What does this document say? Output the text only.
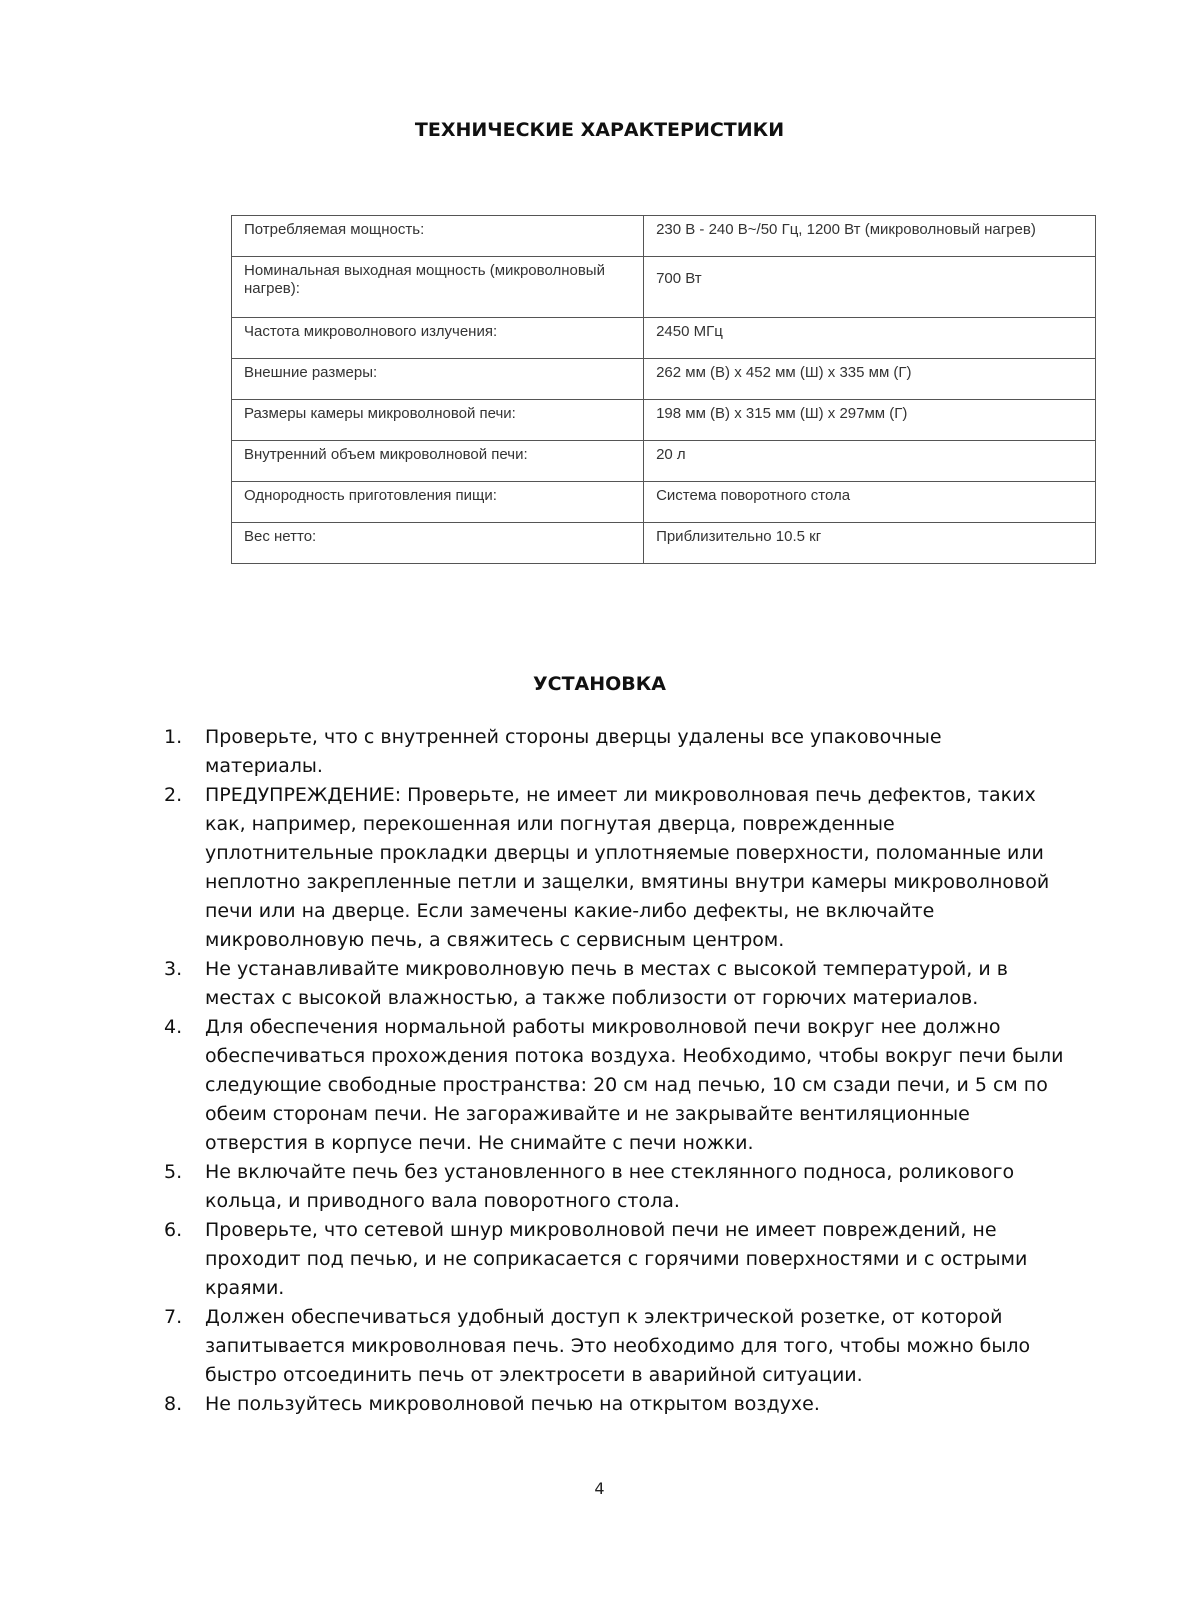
ТЕХНИЧЕСКИЕ ХАРАКТЕРИСТИКИ
Потребляемая мощность:	230 В - 240 В~/50 Гц, 1200 Вт (микроволновый нагрев)
Номинальная выходная мощность (микроволновый нагрев):	700 Вт
Частота микроволнового излучения:	2450 МГц
Внешние размеры:	262 мм (В) х 452 мм (Ш) х 335 мм (Г)
Размеры камеры микроволновой печи:	198 мм (В) х 315 мм (Ш) х 297мм (Г)
Внутренний объем микроволновой печи:	20 л
Однородность приготовления пищи:	Система поворотного стола
Вес нетто:	Приблизительно 10.5 кг
УСТАНОВКА
1. Проверьте, что с внутренней стороны дверцы удалены все упаковочные материалы.
2. ПРЕДУПРЕЖДЕНИЕ: Проверьте, не имеет ли микроволновая печь дефектов, таких как, например, перекошенная или погнутая дверца, поврежденные уплотнительные прокладки дверцы и уплотняемые поверхности, поломанные или неплотно закрепленные петли и защелки, вмятины внутри камеры микроволновой печи или на дверце. Если замечены какие-либо дефекты, не включайте микроволновую печь, а свяжитесь с сервисным центром.
3. Не устанавливайте микроволновую печь в местах с высокой температурой, и в местах с высокой влажностью, а также поблизости от горючих материалов.
4. Для обеспечения нормальной работы микроволновой печи вокруг нее должно обеспечиваться прохождения потока воздуха. Необходимо, чтобы вокруг печи были следующие свободные пространства: 20 см над печью, 10 см сзади печи, и 5 см по обеим сторонам печи. Не загораживайте и не закрывайте вентиляционные отверстия в корпусе печи. Не снимайте с печи ножки.
5. Не включайте печь без установленного в нее стеклянного подноса, роликового кольца, и приводного вала поворотного стола.
6. Проверьте, что сетевой шнур микроволновой печи не имеет повреждений, не проходит под печью, и не соприкасается с горячими поверхностями и с острыми краями.
7. Должен обеспечиваться удобный доступ к электрической розетке, от которой запитывается микроволновая печь. Это необходимо для того, чтобы можно было быстро отсоединить печь от электросети в аварийной ситуации.
8. Не пользуйтесь микроволновой печью на открытом воздухе.
4
